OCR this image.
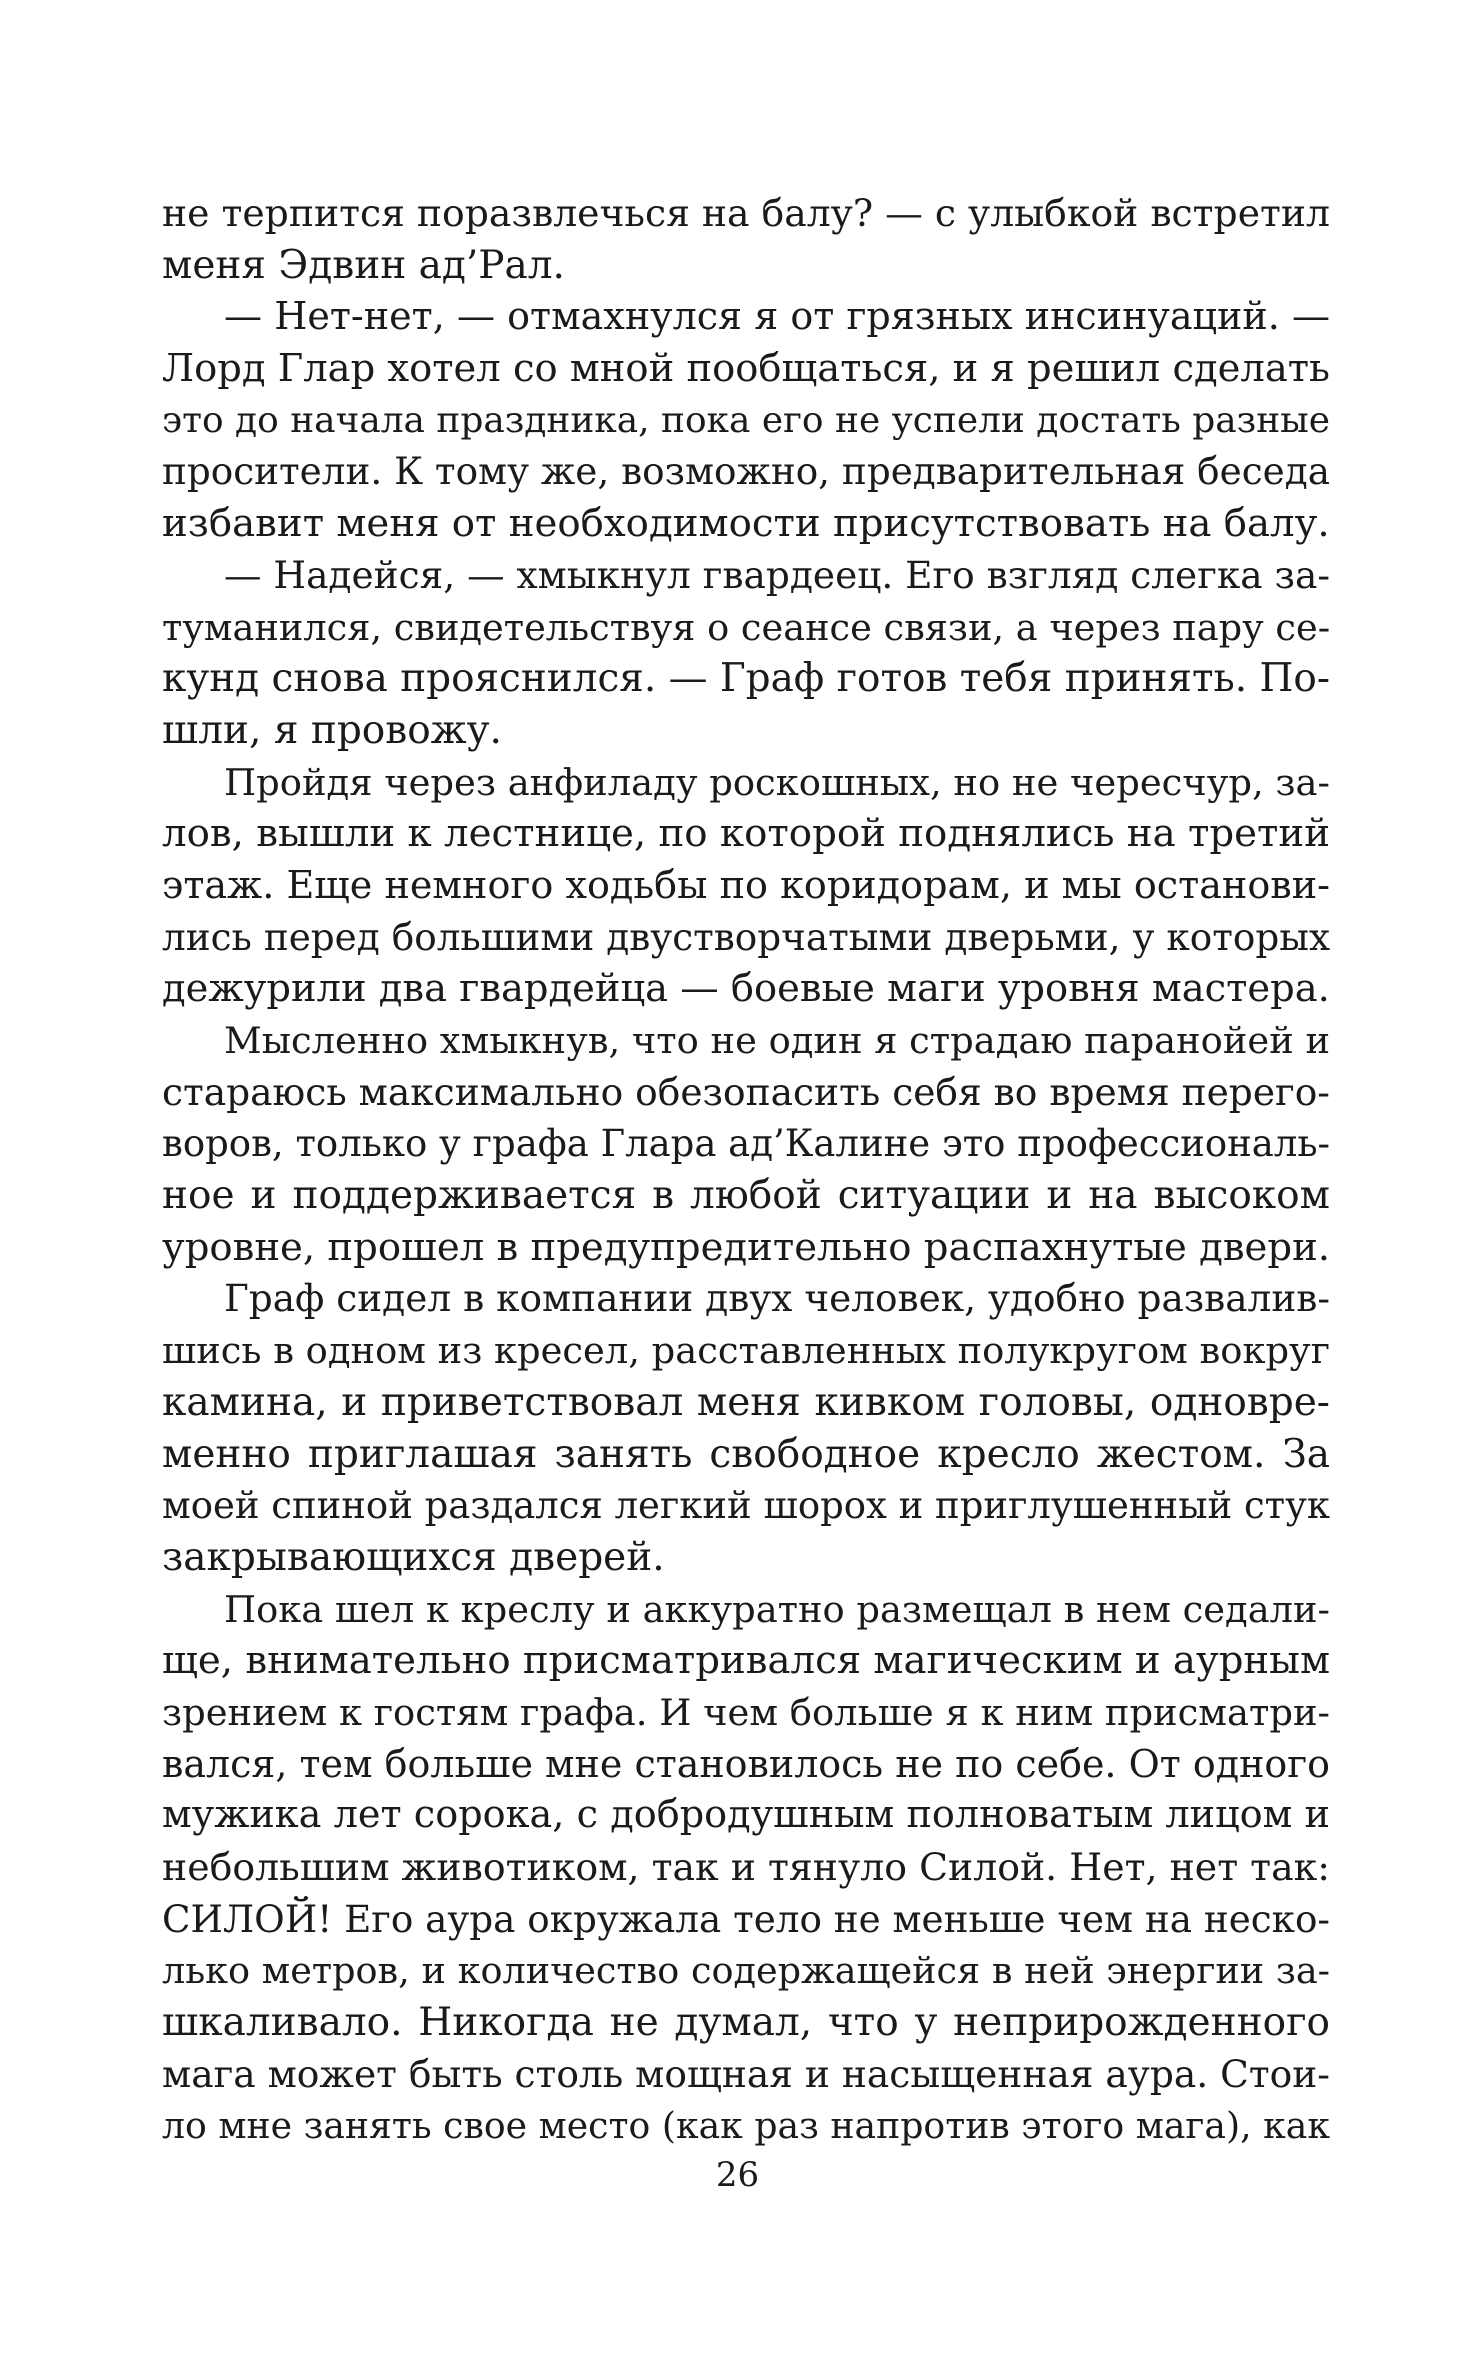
не терпится поразвлечься на балу? — с улыбкой встретил
меня Эдвин ад’Рал.
— Нет-нет, — отмахнулся я от грязных инсинуаций. —
Лорд Глар хотел со мной пообщаться, и я решил сделать
это до начала праздника, пока его не успели достать разные
просители. К тому же, возможно, предварительная беседа
избавит меня от необходимости присутствовать на балу.
— Надейся, — хмыкнул гвардеец. Его взгляд слегка за-
туманился, свидетельствуя о сеансе связи, а через пару се-
кунд снова прояснился. — Граф готов тебя принять. По-
шли, я провожу.
Пройдя через анфиладу роскошных, но не чересчур, за-
лов, вышли к лестнице, по которой поднялись на третий
этаж. Еще немного ходьбы по коридорам, и мы останови-
лись перед большими двустворчатыми дверьми, у которых
дежурили два гвардейца — боевые маги уровня мастера.
Мысленно хмыкнув, что не один я страдаю паранойей и
стараюсь максимально обезопасить себя во время перего-
воров, только у графа Глара ад’Калине это профессиональ-
ное и поддерживается в любой ситуации и на высоком
уровне, прошел в предупредительно распахнутые двери.
Граф сидел в компании двух человек, удобно развалив-
шись в одном из кресел, расставленных полукругом вокруг
камина, и приветствовал меня кивком головы, одновре-
менно приглашая занять свободное кресло жестом. За
моей спиной раздался легкий шорох и приглушенный стук
закрывающихся дверей.
Пока шел к креслу и аккуратно размещал в нем седали-
ще, внимательно присматривался магическим и аурным
зрением к гостям графа. И чем больше я к ним присматри-
вался, тем больше мне становилось не по себе. От одного
мужика лет сорока, с добродушным полноватым лицом и
небольшим животиком, так и тянуло Силой. Нет, нет так:
СИЛОЙ! Его аура окружала тело не меньше чем на неско-
лько метров, и количество содержащейся в ней энергии за-
шкаливало. Никогда не думал, что у неприрожденного
мага может быть столь мощная и насыщенная аура. Стои-
ло мне занять свое место (как раз напротив этого мага), как
26
